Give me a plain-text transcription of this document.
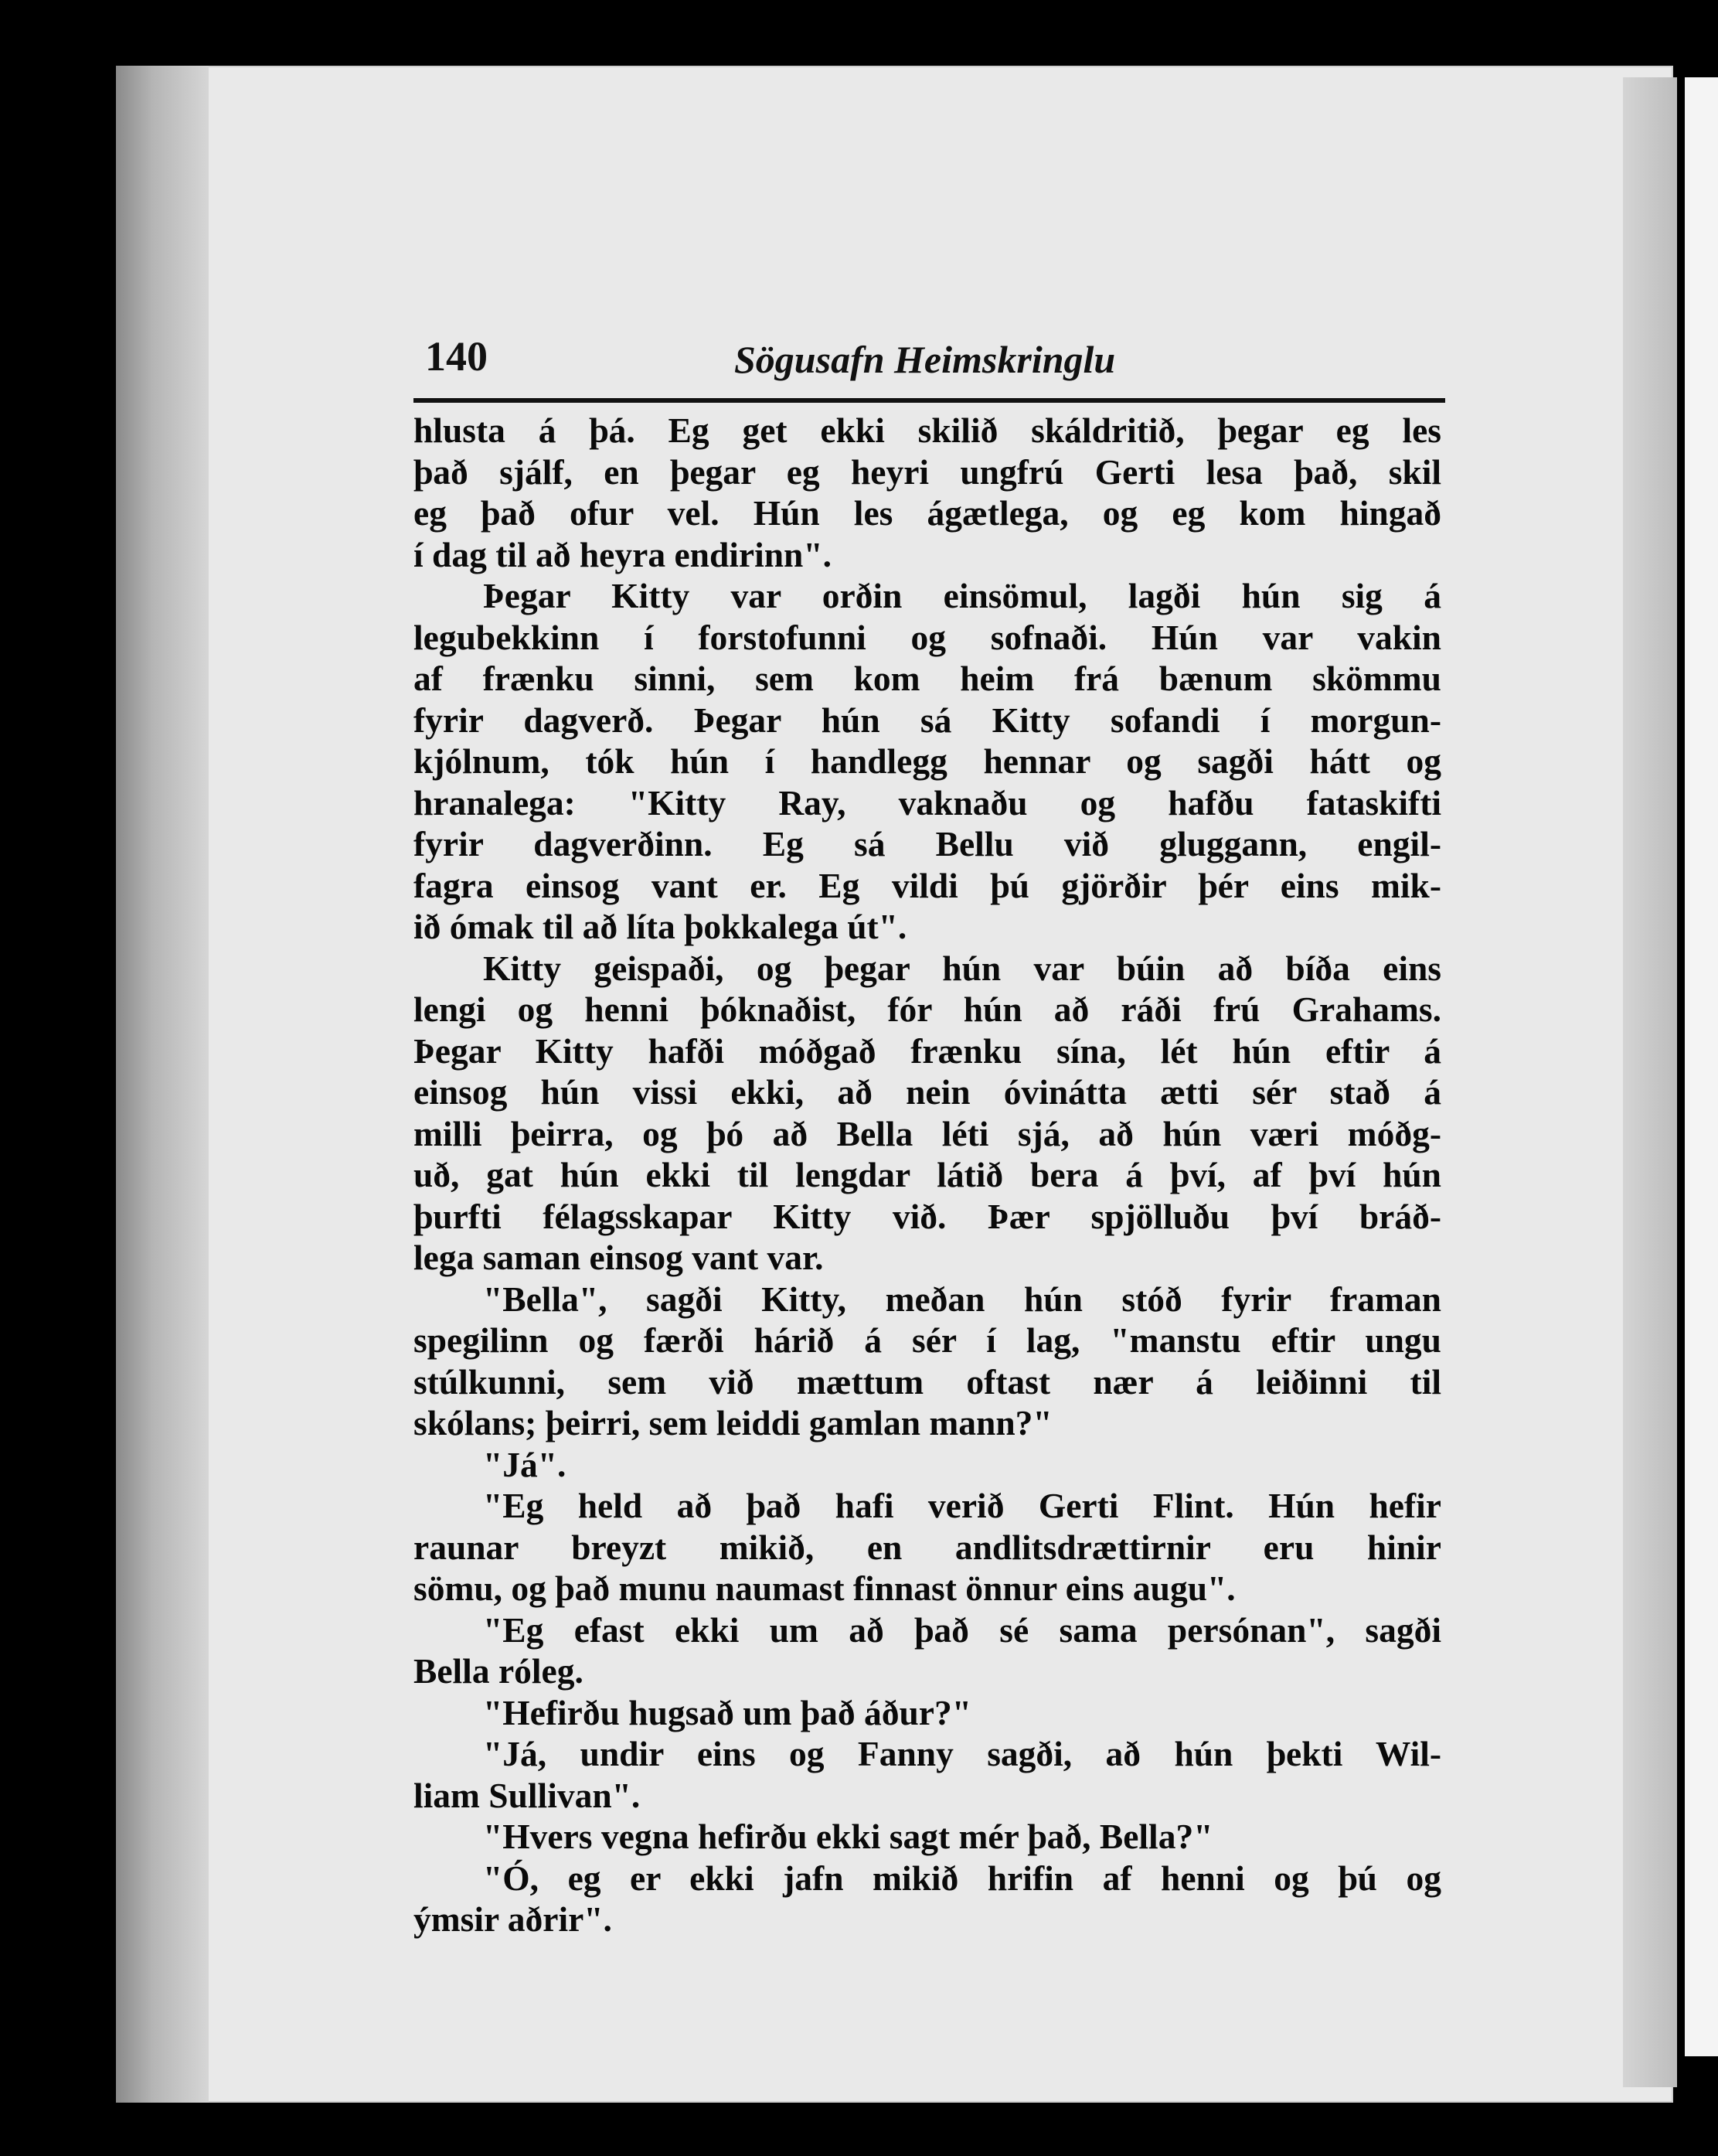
140	Sögusafn Heimskringlu
hlusta á þá. Eg get ekki skilið skáldritið, þegar eg les
það sjálf, en þegar eg heyri ungfrú Gerti lesa það, skil
eg það ofur vel. Hún les ágætlega, og eg kom hingað
í dag til að heyra endirinn".
Þegar Kitty var orðin einsömul, lagði hún sig á
legubekkinn í forstofunni og sofnaði. Hún var vakin
af frænku sinni, sem kom heim frá bænum skömmu
fyrir dagverð. Þegar hún sá Kitty sofandi í morgun-
kjólnum, tók hún í handlegg hennar og sagði hátt og
hranalega: "Kitty Ray, vaknaðu og hafðu fataskifti
fyrir dagverðinn. Eg sá Bellu við gluggann, engil-
fagra einsog vant er. Eg vildi þú gjörðir þér eins mik-
ið ómak til að líta þokkalega út".
Kitty geispaði, og þegar hún var búin að bíða eins
lengi og henni þóknaðist, fór hún að ráði frú Grahams.
Þegar Kitty hafði móðgað frænku sína, lét hún eftir á
einsog hún vissi ekki, að nein óvinátta ætti sér stað á
milli þeirra, og þó að Bella léti sjá, að hún væri móðg-
uð, gat hún ekki til lengdar látið bera á því, af því hún
þurfti félagsskapar Kitty við. Þær spjölluðu því bráð-
lega saman einsog vant var.
"Bella", sagði Kitty, meðan hún stóð fyrir framan
spegilinn og færði hárið á sér í lag, "manstu eftir ungu
stúlkunni, sem við mættum oftast nær á leiðinni til
skólans; þeirri, sem leiddi gamlan mann?"
"Já".
"Eg held að það hafi verið Gerti Flint. Hún hefir
raunar breyzt mikið, en andlitsdrættirnir eru hinir
sömu, og það munu naumast finnast önnur eins augu".
"Eg efast ekki um að það sé sama persónan", sagði
Bella róleg.
"Hefirðu hugsað um það áður?"
"Já, undir eins og Fanny sagði, að hún þekti Wil-
liam Sullivan".
"Hvers vegna hefirðu ekki sagt mér það, Bella?"
"Ó, eg er ekki jafn mikið hrifin af henni og þú og
ýmsir aðrir".
